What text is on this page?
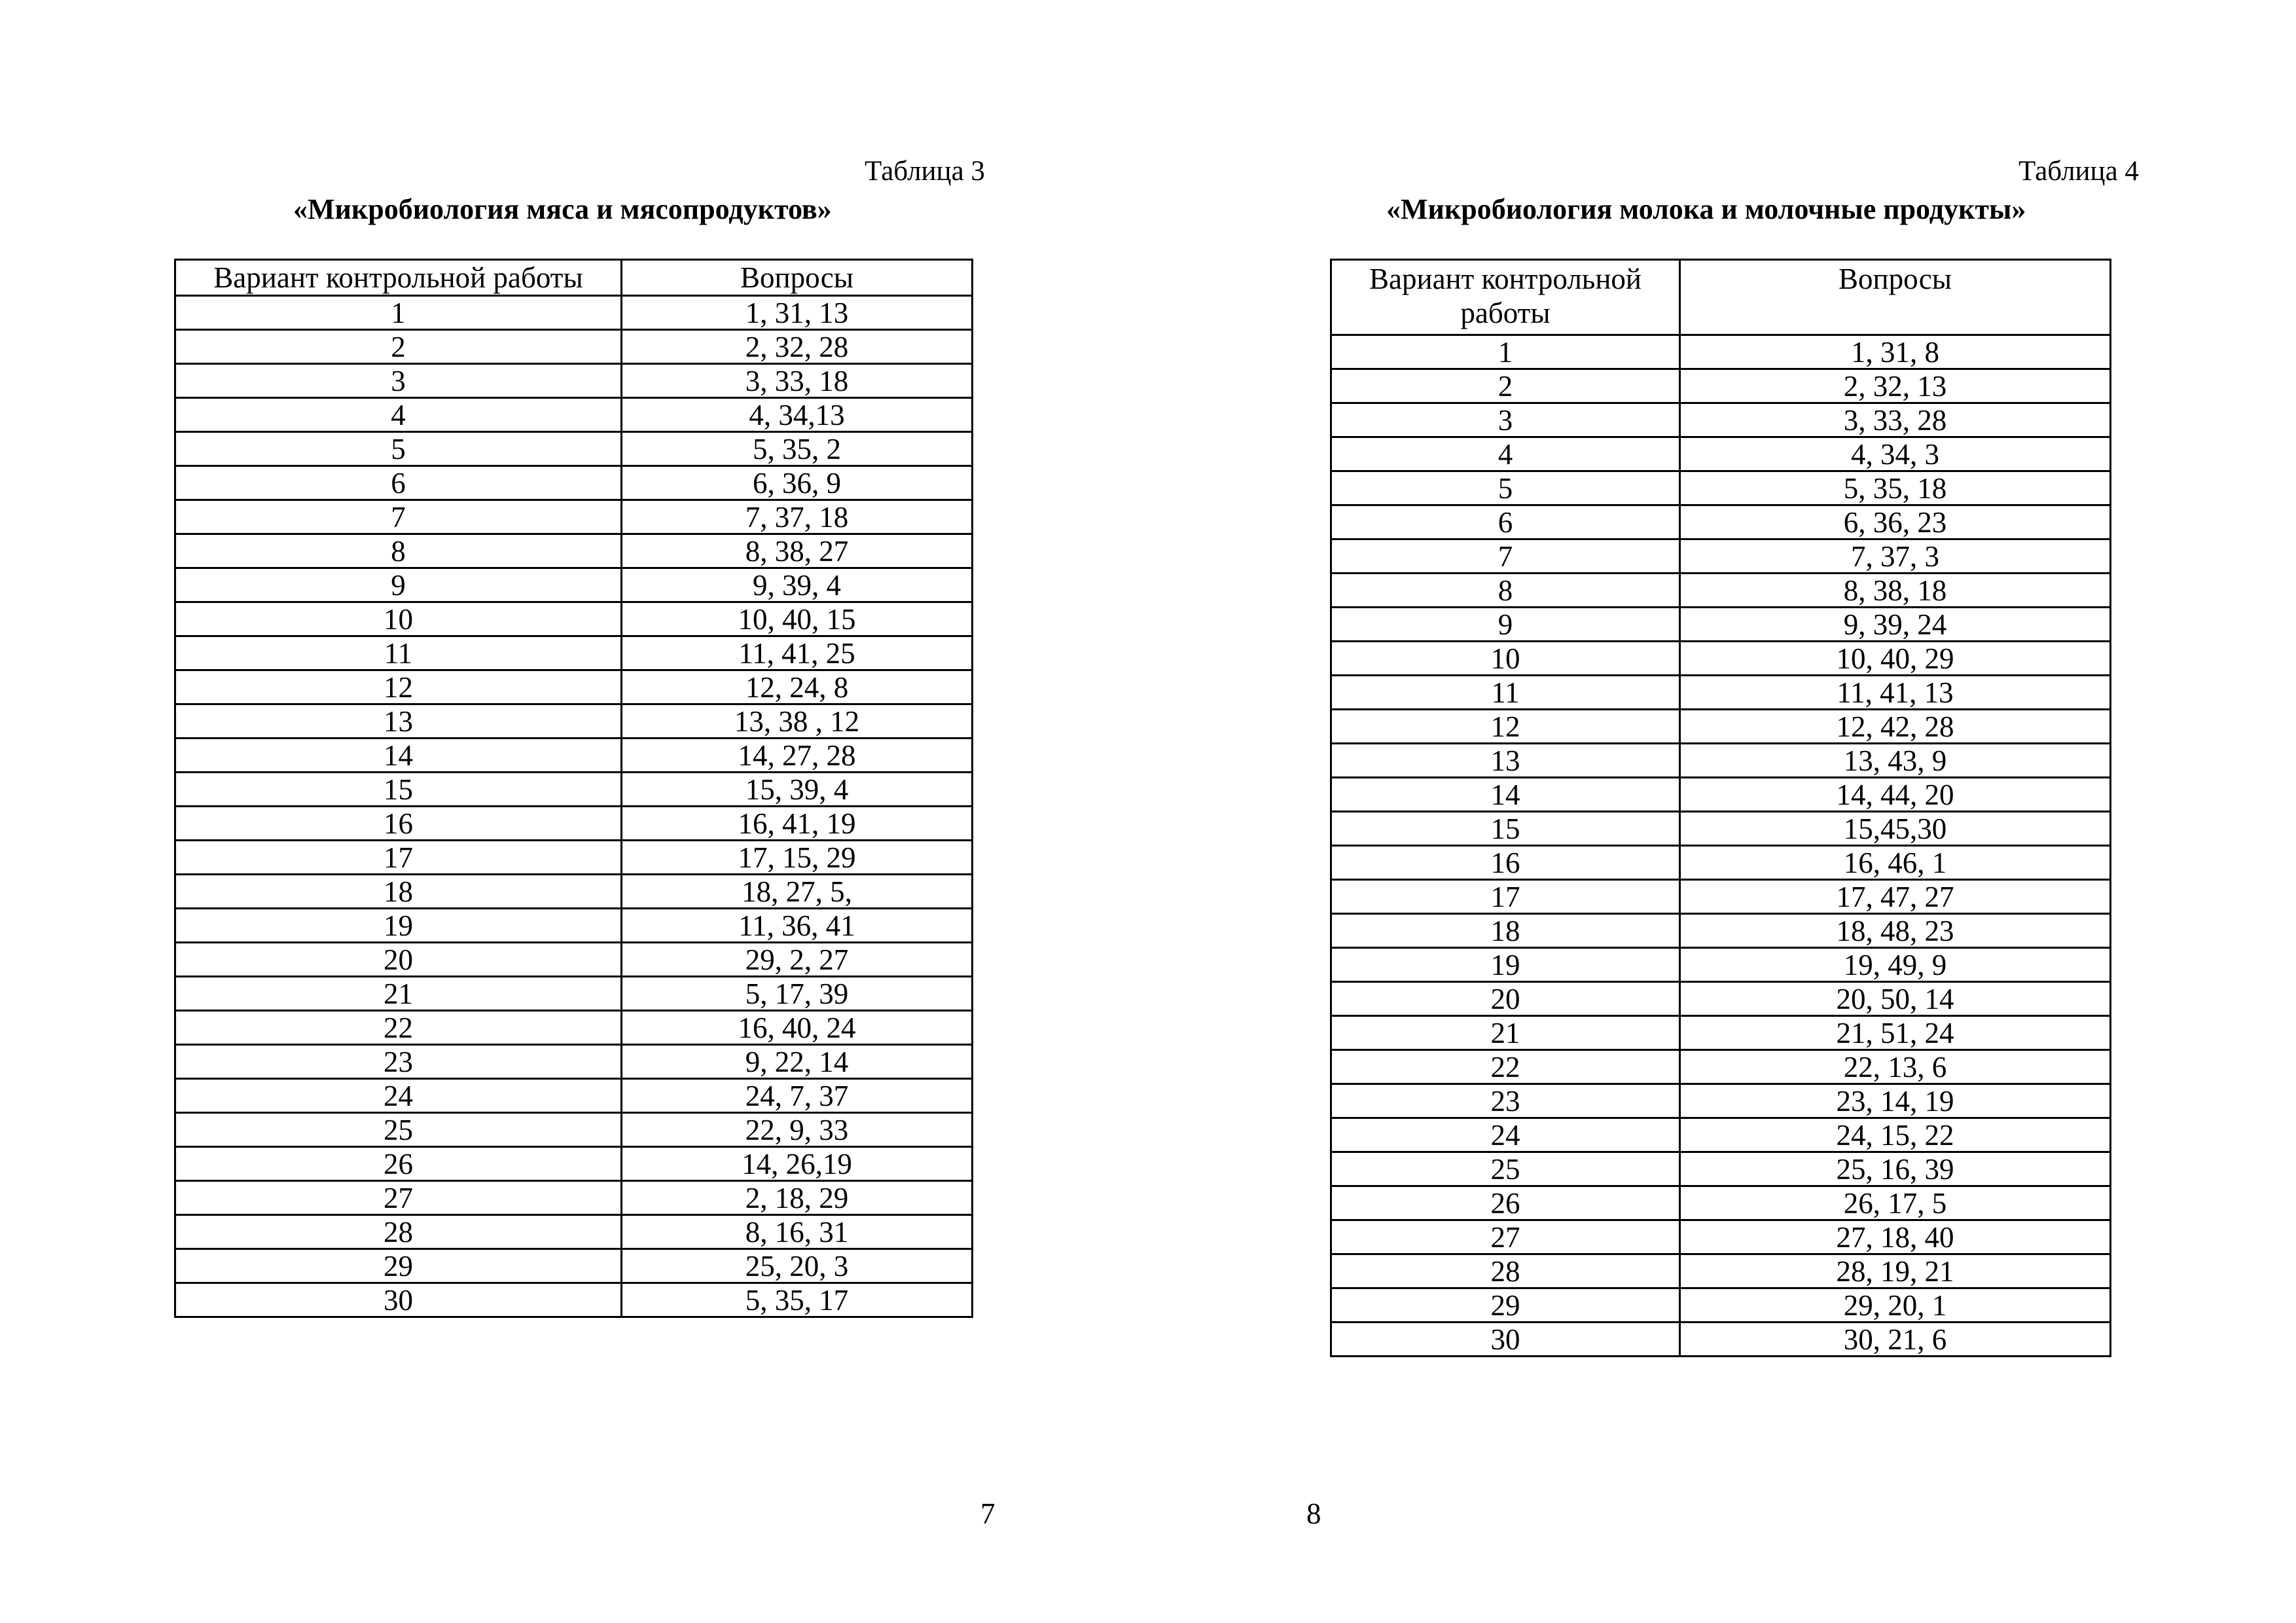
Таблица 3
«Микробиология мяса и мясопродуктов»
Вариант контрольной работы	Вопросы
1	1, 31, 13
2	2, 32, 28
3	3, 33, 18
4	4, 34,13
5	5, 35, 2
6	6, 36, 9
7	7, 37, 18
8	8, 38, 27
9	9, 39, 4
10	10, 40, 15
11	11, 41, 25
12	12, 24, 8
13	13, 38 , 12
14	14, 27, 28
15	15, 39, 4
16	16, 41, 19
17	17, 15, 29
18	18, 27, 5,
19	11, 36, 41
20	29, 2, 27
21	5, 17, 39
22	16, 40, 24
23	9, 22, 14
24	24, 7, 37
25	22, 9, 33
26	14, 26,19
27	2, 18, 29
28	8, 16, 31
29	25, 20, 3
30	5, 35, 17
7
Таблица 4
«Микробиология молока и молочные продукты»
Вариант контрольной работы	Вопросы
1	1, 31, 8
2	2, 32, 13
3	3, 33, 28
4	4, 34, 3
5	5, 35, 18
6	6, 36, 23
7	7, 37, 3
8	8, 38, 18
9	9, 39, 24
10	10, 40, 29
11	11, 41, 13
12	12, 42, 28
13	13, 43, 9
14	14, 44, 20
15	15,45,30
16	16, 46, 1
17	17, 47, 27
18	18, 48, 23
19	19, 49, 9
20	20, 50, 14
21	21, 51, 24
22	22, 13, 6
23	23, 14, 19
24	24, 15, 22
25	25, 16, 39
26	26, 17, 5
27	27, 18, 40
28	28, 19, 21
29	29, 20, 1
30	30, 21, 6
8
